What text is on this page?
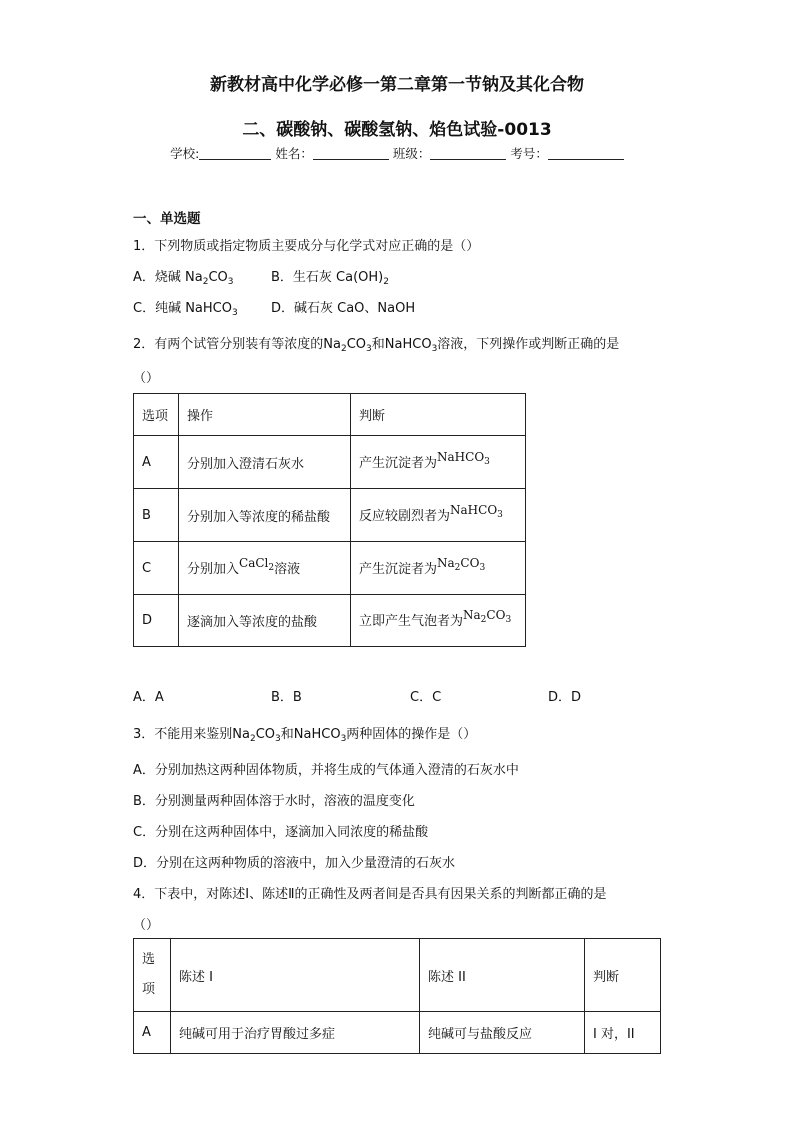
新教材高中化学必修一第二章第一节钠及其化合物
二、碳酸钠、碳酸氢钠、焰色试验-0013
学校:	姓名：	班级：	考号：
一、单选题
1．下列物质或指定物质主要成分与化学式对应正确的是（）
A．烧碱 $Na_2CO_3$	B．生石灰 $Ca(OH)_2$
C．纯碱 NaHCO$_3$	D．碱石灰 CaO、NaOH
2．有两个试管分别装有等浓度的$Na_2CO_3$和NaHCO$_3$溶液，下列操作或判断正确的是
（）
选项	操作	判断
A	分别加入澄清石灰水	产生沉淀者为NaHCO$_3$
B	分别加入等浓度的稀盐酸	反应较剧烈者为NaHCO$_3$
C	分别加入CaCl$_2$溶液	产生沉淀者为$Na_2CO_3$
D	逐滴加入等浓度的盐酸	立即产生气泡者为$Na_2CO_3$
A．A	B．B	C．C	D．D
3．不能用来鉴别$Na_2CO_3$和NaHCO$_3$两种固体的操作是（）
A．分别加热这两种固体物质，并将生成的气体通入澄清的石灰水中
B．分别测量两种固体溶于水时，溶液的温度变化
C．分别在这两种固体中，逐滴加入同浓度的稀盐酸
D．分别在这两种物质的溶液中，加入少量澄清的石灰水
4．下表中，对陈述Ⅰ、陈述Ⅱ的正确性及两者间是否具有因果关系的判断都正确的是
（）
选
项	陈述 I	陈述 II	判断
A	纯碱可用于治疗胃酸过多症	纯碱可与盐酸反应	I 对，II
